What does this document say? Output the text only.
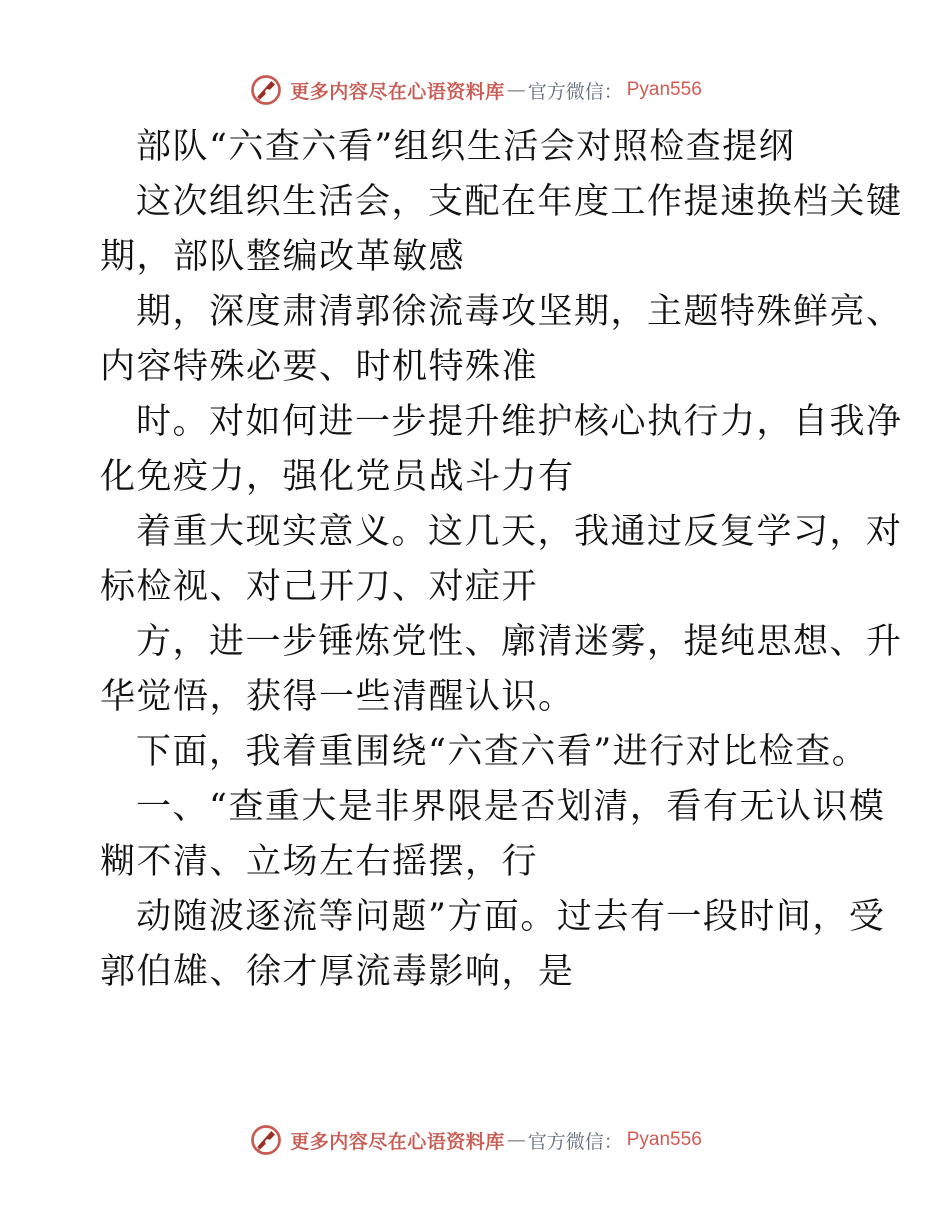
更多内容尽在心语资料库 — 官方微信： Pyan556
部队“六查六看”组织生活会对照检查提纲
这次组织生活会，支配在年度工作提速换档关键
期，部队整编改革敏感
期，深度肃清郭徐流毒攻坚期，主题特殊鲜亮、
内容特殊必要、时机特殊准
时。对如何进一步提升维护核心执行力，自我净
化免疫力，强化党员战斗力有
着重大现实意义。这几天，我通过反复学习，对
标检视、对己开刀、对症开
方，进一步锤炼党性、廓清迷雾，提纯思想、升
华觉悟，获得一些清醒认识。
下面，我着重围绕“六查六看”进行对比检查。
一、“查重大是非界限是否划清，看有无认识模
糊不清、立场左右摇摆，行
动随波逐流等问题”方面。过去有一段时间，受
郭伯雄、徐才厚流毒影响，是
更多内容尽在心语资料库 — 官方微信： Pyan556
